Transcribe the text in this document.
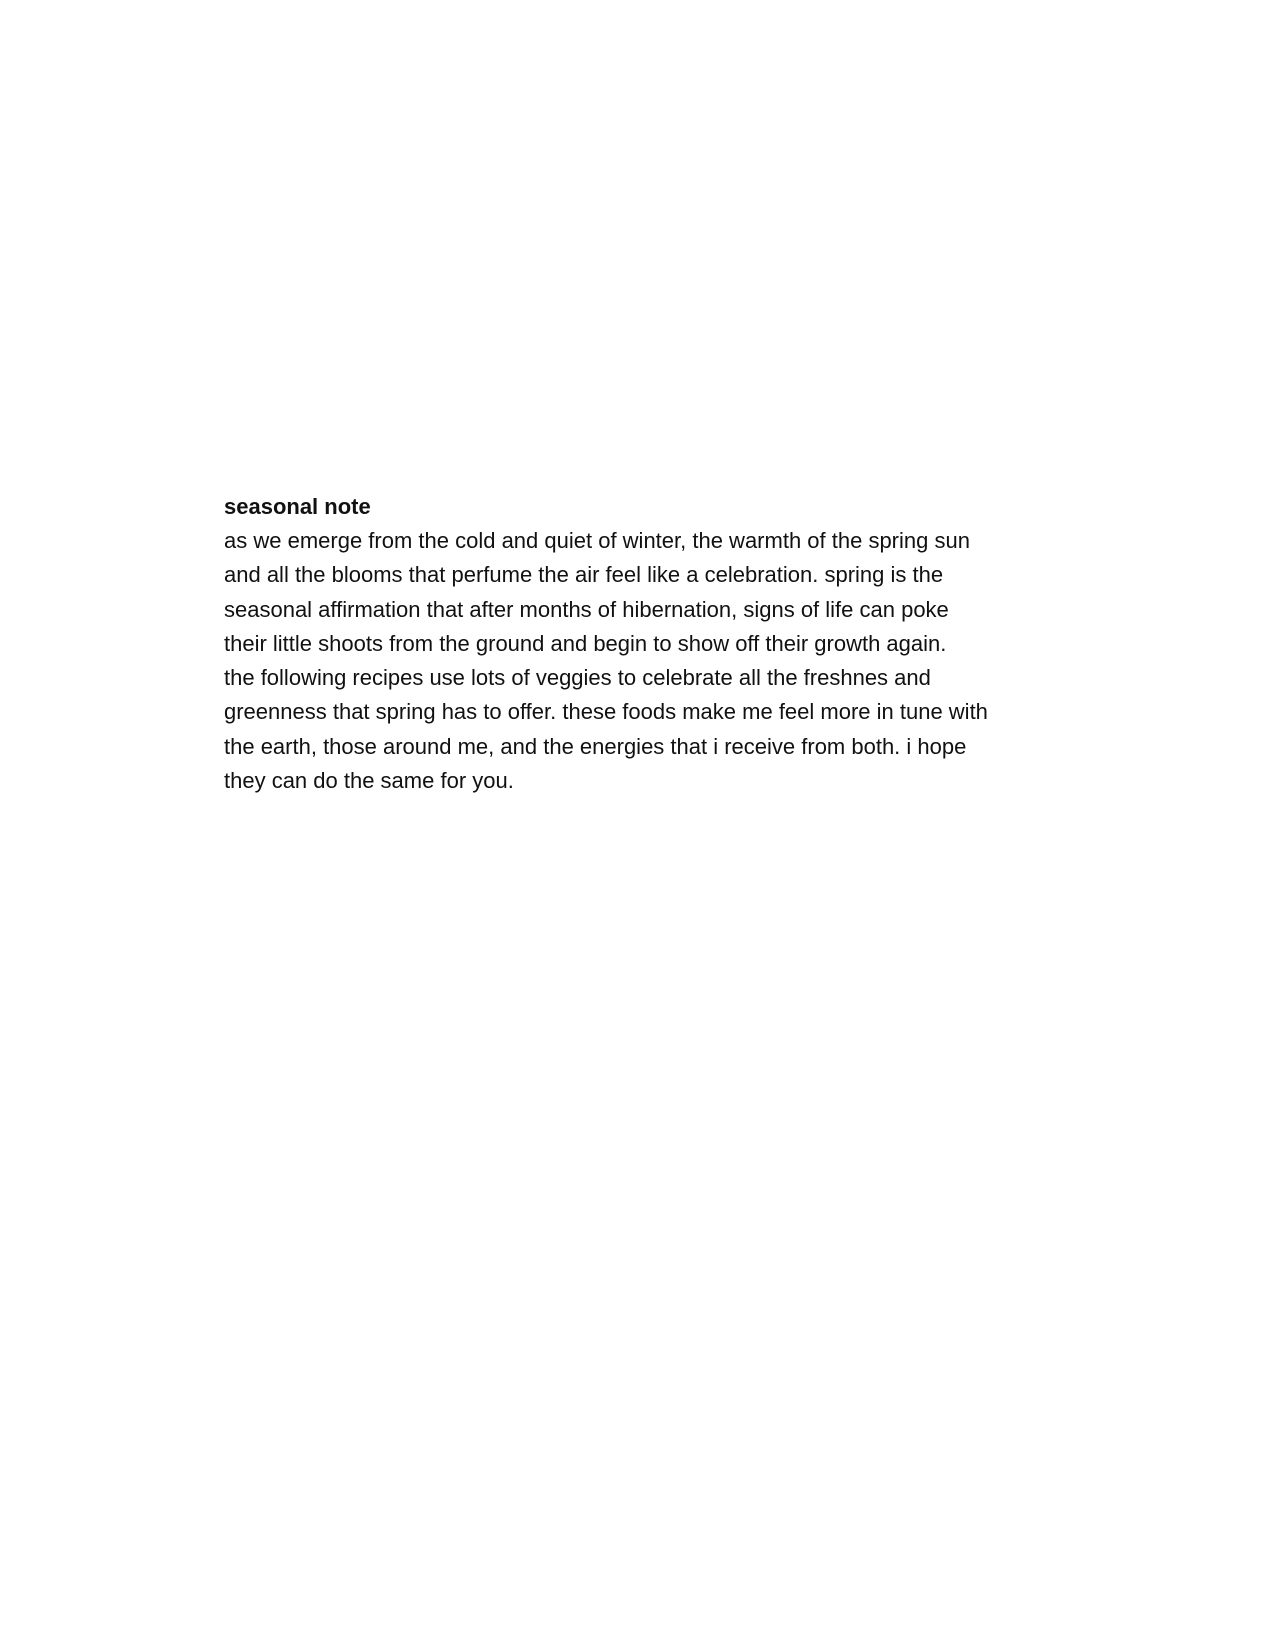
seasonal note

as we emerge from the cold and quiet of winter, the warmth of the spring sun

and all the blooms that perfume the air feel like a celebration. spring is the

seasonal affirmation that after months of hibernation, signs of life can poke

their little shoots from the ground and begin to show off their growth again.

the following recipes use lots of veggies to celebrate all the freshnes and

greenness that spring has to offer. these foods make me feel more in tune with

the earth, those around me, and the energies that i receive from both. i hope

they can do the same for you.
